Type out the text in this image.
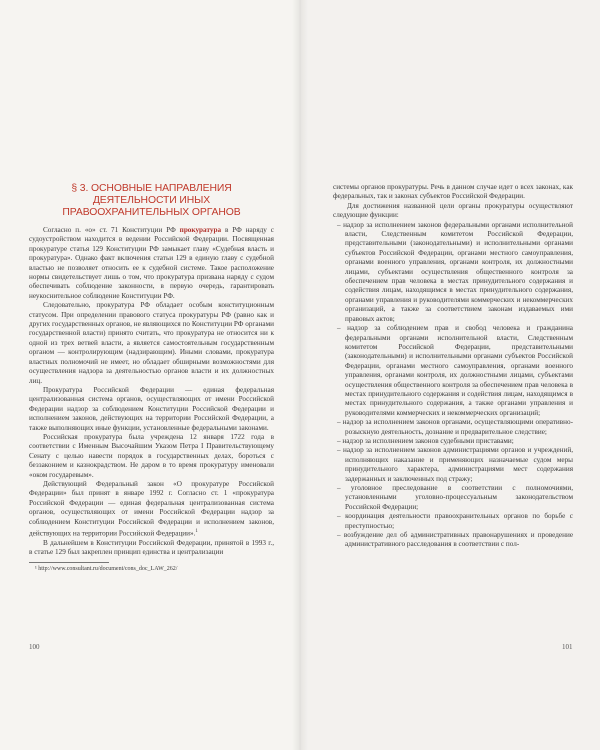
§ 3. ОСНОВНЫЕ НАПРАВЛЕНИЯ ДЕЯТЕЛЬНОСТИ ИНЫХ ПРАВООХРАНИТЕЛЬНЫХ ОРГАНОВ

Согласно п. «о» ст. 71 Конституции РФ прокуратура в РФ наряду с судоустройством находится в ведении Российской Федерации. Посвященная прокуратуре статья 129 Конституции РФ замыкает главу «Судебная власть и прокуратура». Однако факт включения статьи 129 в единую главу с судебной властью не позволяет относить ее к судебной системе. Такое расположение нормы свидетельствует лишь о том, что прокуратура призвана наряду с судом обеспечивать соблюдение законности, в первую очередь, гарантировать неукоснительное соблюдение Конституции РФ.

Следовательно, прокуратура РФ обладает особым конституционным статусом. При определении правового статуса прокуратуры РФ (равно как и других государственных органов, не являющихся по Конституции РФ органами государственной власти) принято считать, что прокуратура не относится ни к одной из трех ветвей власти, а является самостоятельным государственным органом — контролирующим (надзирающим). Иными словами, прокуратура властных полномочий не имеет, но обладает обширными возможностями для осуществления надзора за деятельностью органов власти и их должностных лиц.

Прокуратура Российской Федерации — единая федеральная централизованная система органов, осуществляющих от имени Российской Федерации надзор за соблюдением Конституции Российской Федерации и исполнением законов, действующих на территории Российской Федерации, а также выполняющих иные функции, установленные федеральными законами.

Российская прокуратура была учреждена 12 января 1722 года в соответствии с Именным Высочайшим Указом Петра I Правительствующему Сенату с целью навести порядок в государственных делах, бороться с беззаконием и казнокрадством. Не даром в то время прокуратуру именовали «оком государевым».

Действующий Федеральный закон «О прокуратуре Российской Федерации» был принят в январе 1992 г. Согласно ст. 1 «прокуратура Российской Федерации — единая федеральная централизованная система органов, осуществляющих от имени Российской Федерации надзор за соблюдением Конституции Российской Федерации и исполнением законов, действующих на территории Российской Федерации».$^1$

В дальнейшем в Конституции Российской Федерации, принятой в 1993 г., в статье 129 был закреплен принцип единства и централизации

¹ http://www.consultant.ru/document/cons_doc_LAW_262/

системы органов прокуратуры. Речь в данном случае идет о всех законах, как федеральных, так и законах субъектов Российской Федерации.

Для достижения названной цели органы прокуратуры осуществляют следующие функции:

– надзор за исполнением законов федеральными органами исполнительной власти, Следственным комитетом Российской Федерации, представительными (законодательными) и исполнительными органами субъектов Российской Федерации, органами местного самоуправления, органами военного управления, органами контроля, их должностными лицами, субъектами осуществления общественного контроля за обеспечением прав человека в местах принудительного содержания и содействия лицам, находящимся в местах принудительного содержания, органами управления и руководителями коммерческих и некоммерческих организаций, а также за соответствием законам издаваемых ими правовых актов;
– надзор за соблюдением прав и свобод человека и гражданина федеральными органами исполнительной власти, Следственным комитетом Российской Федерации, представительными (законодательными) и исполнительными органами субъектов Российской Федерации, органами местного самоуправления, органами военного управления, органами контроля, их должностными лицами, субъектами осуществления общественного контроля за обеспечением прав человека в местах принудительного содержания и содействия лицам, находящимся в местах принудительного содержания, а также органами управления и руководителями коммерческих и некоммерческих организаций;
– надзор за исполнением законов органами, осуществляющими оперативно-розыскную деятельность, дознание и предварительное следствие;
– надзор за исполнением законов судебными приставами;
– надзор за исполнением законов администрациями органов и учреждений, исполняющих наказание и применяющих назначаемые судом меры принудительного характера, администрациями мест содержания задержанных и заключенных под стражу;
– уголовное преследование в соответствии с полномочиями, установленными уголовно-процессуальным законодательством Российской Федерации;
– координация деятельности правоохранительных органов по борьбе с преступностью;
– возбуждение дел об административных правонарушениях и проведение административного расследования в соответствии с пол-
100	101
